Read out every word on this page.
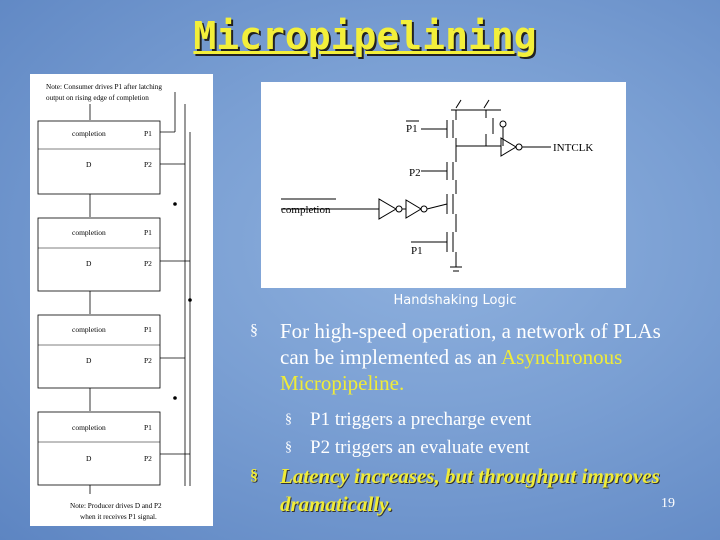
Micropipelining
Note: Consumer drives P1 after latching
output on rising edge of completion
completion	P1
D	P2
completion	P1
D	P2
completion	P1
D	P2
completion	P1
D	P2
Note: Producer drives D and P2
when it receives P1 signal.
P1
P2
P1
completion
INTCLK
Handshaking Logic
§ For high-speed operation, a network of PLAs can be implemented as an Asynchronous Micropipeline.
§ P1 triggers a precharge event
§ P2 triggers an evaluate event
§ Latency increases, but throughput improves dramatically.	19
